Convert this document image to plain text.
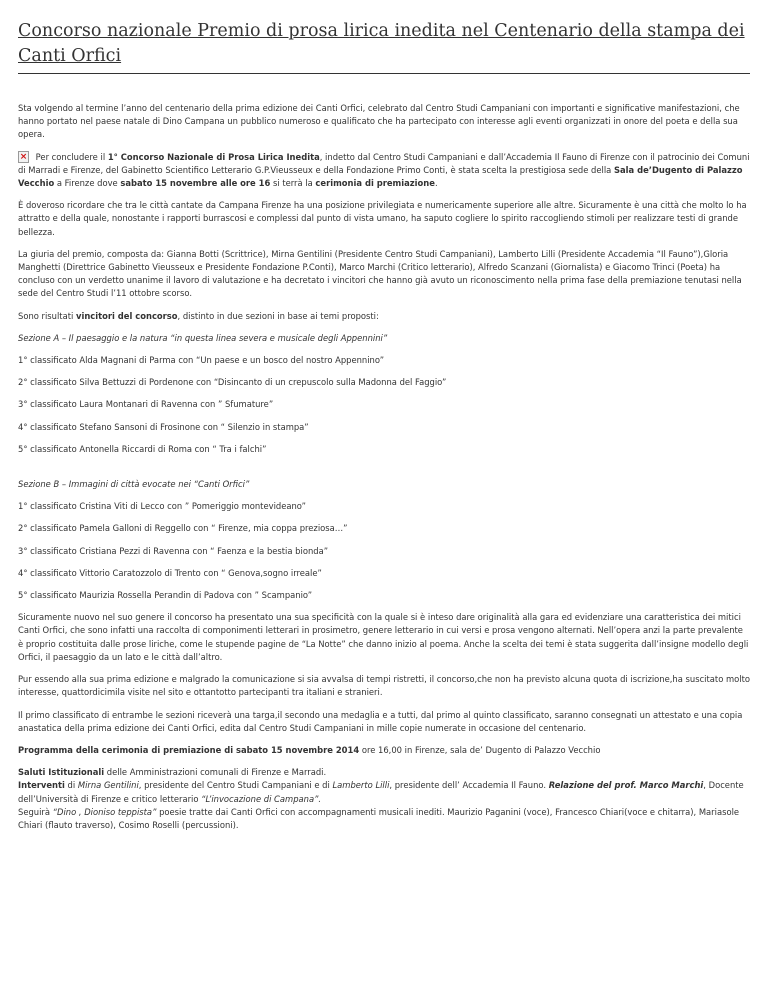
Concorso nazionale Premio di prosa lirica inedita nel Centenario della stampa dei Canti Orfici

Sta volgendo al termine l’anno del centenario della prima edizione dei Canti Orfici, celebrato dal Centro Studi Campaniani con importanti e significative manifestazioni, che hanno portato nel paese natale di Dino Campana un pubblico numeroso e qualificato che ha partecipato con interesse agli eventi organizzati in onore del poeta e della sua opera.

× Per concludere il 1° Concorso Nazionale di Prosa Lirica Inedita, indetto dal Centro Studi Campaniani e dall’Accademia Il Fauno di Firenze con il patrocinio dei Comuni di Marradi e Firenze, del Gabinetto Scientifico Letterario G.P.Vieusseux e della Fondazione Primo Conti, è stata scelta la prestigiosa sede della Sala de’Dugento di Palazzo Vecchio a Firenze dove sabato 15 novembre alle ore 16 si terrà la cerimonia di premiazione.

È doveroso ricordare che tra le città cantate da Campana Firenze ha una posizione privilegiata e numericamente superiore alle altre. Sicuramente è una città che molto lo ha attratto e della quale, nonostante i rapporti burrascosi e complessi dal punto di vista umano, ha saputo cogliere lo spirito raccogliendo stimoli per realizzare testi di grande bellezza.

La giuria del premio, composta da: Gianna Botti (Scrittrice), Mirna Gentilini (Presidente Centro Studi Campaniani), Lamberto Lilli (Presidente Accademia “Il Fauno”),Gloria Manghetti (Direttrice Gabinetto Vieusseux e Presidente Fondazione P.Conti), Marco Marchi (Critico letterario), Alfredo Scanzani (Giornalista) e Giacomo Trinci (Poeta) ha concluso con un verdetto unanime il lavoro di valutazione e ha decretato i vincitori che hanno già avuto un riconoscimento nella prima fase della premiazione tenutasi nella sede del Centro Studi l’11 ottobre scorso.

Sono risultati vincitori del concorso, distinto in due sezioni in base ai temi proposti:

Sezione A – Il paesaggio e la natura “in questa linea severa e musicale degli Appennini”

1° classificato Alda Magnani di Parma con “Un paese e un bosco del nostro Appennino”

2° classificato Silva Bettuzzi di Pordenone con “Disincanto di un crepuscolo sulla Madonna del Faggio”

3° classificato Laura Montanari di Ravenna con ” Sfumature”

4° classificato Stefano Sansoni di Frosinone con “ Silenzio in stampa”

5° classificato Antonella Riccardi di Roma con “ Tra i falchi”

Sezione B – Immagini di città evocate nei “Canti Orfici”

1° classificato Cristina Viti di Lecco con ” Pomeriggio montevideano”

2° classificato Pamela Galloni di Reggello con “ Firenze, mia coppa preziosa…”

3° classificato Cristiana Pezzi di Ravenna con “ Faenza e la bestia bionda”

4° classificato Vittorio Caratozzolo di Trento con “ Genova,sogno irreale”

5° classificato Maurizia Rossella Perandin di Padova con ” Scampanio”

Sicuramente nuovo nel suo genere il concorso ha presentato una sua specificità con la quale si è inteso dare originalità alla gara ed evidenziare una caratteristica dei mitici Canti Orfici, che sono infatti una raccolta di componimenti letterari in prosimetro, genere letterario in cui versi e prosa vengono alternati. Nell’opera anzi la parte prevalente è proprio costituita dalle prose liriche, come le stupende pagine de “La Notte” che danno inizio al poema. Anche la scelta dei temi è stata suggerita dall’insigne modello degli Orfici, il paesaggio da un lato e le città dall’altro.

Pur essendo alla sua prima edizione e malgrado la comunicazione si sia avvalsa di tempi ristretti, il concorso,che non ha previsto alcuna quota di iscrizione,ha suscitato molto interesse, quattordicimila visite nel sito e ottantotto partecipanti tra italiani e stranieri.

Il primo classificato di entrambe le sezioni riceverà una targa,il secondo una medaglia e a tutti, dal primo al quinto classificato, saranno consegnati un attestato e una copia anastatica della prima edizione dei Canti Orfici, edita dal Centro Studi Campaniani in mille copie numerate in occasione del centenario.

Programma della cerimonia di premiazione di sabato 15 novembre 2014 ore 16,00 in Firenze, sala de’ Dugento di Palazzo Vecchio

Saluti Istituzionali delle Amministrazioni comunali di Firenze e Marradi.
Interventi di Mirna Gentilini, presidente del Centro Studi Campaniani e di Lamberto Lilli, presidente dell’ Accademia Il Fauno. Relazione del prof. Marco Marchi, Docente dell’Università di Firenze e critico letterario “L’invocazione di Campana”.
Seguirà “Dino , Dioniso teppista” poesie tratte dai Canti Orfici con accompagnamenti musicali inediti. Maurizio Paganini (voce), Francesco Chiari(voce e chitarra), Mariasole Chiari (flauto traverso), Cosimo Roselli (percussioni).
